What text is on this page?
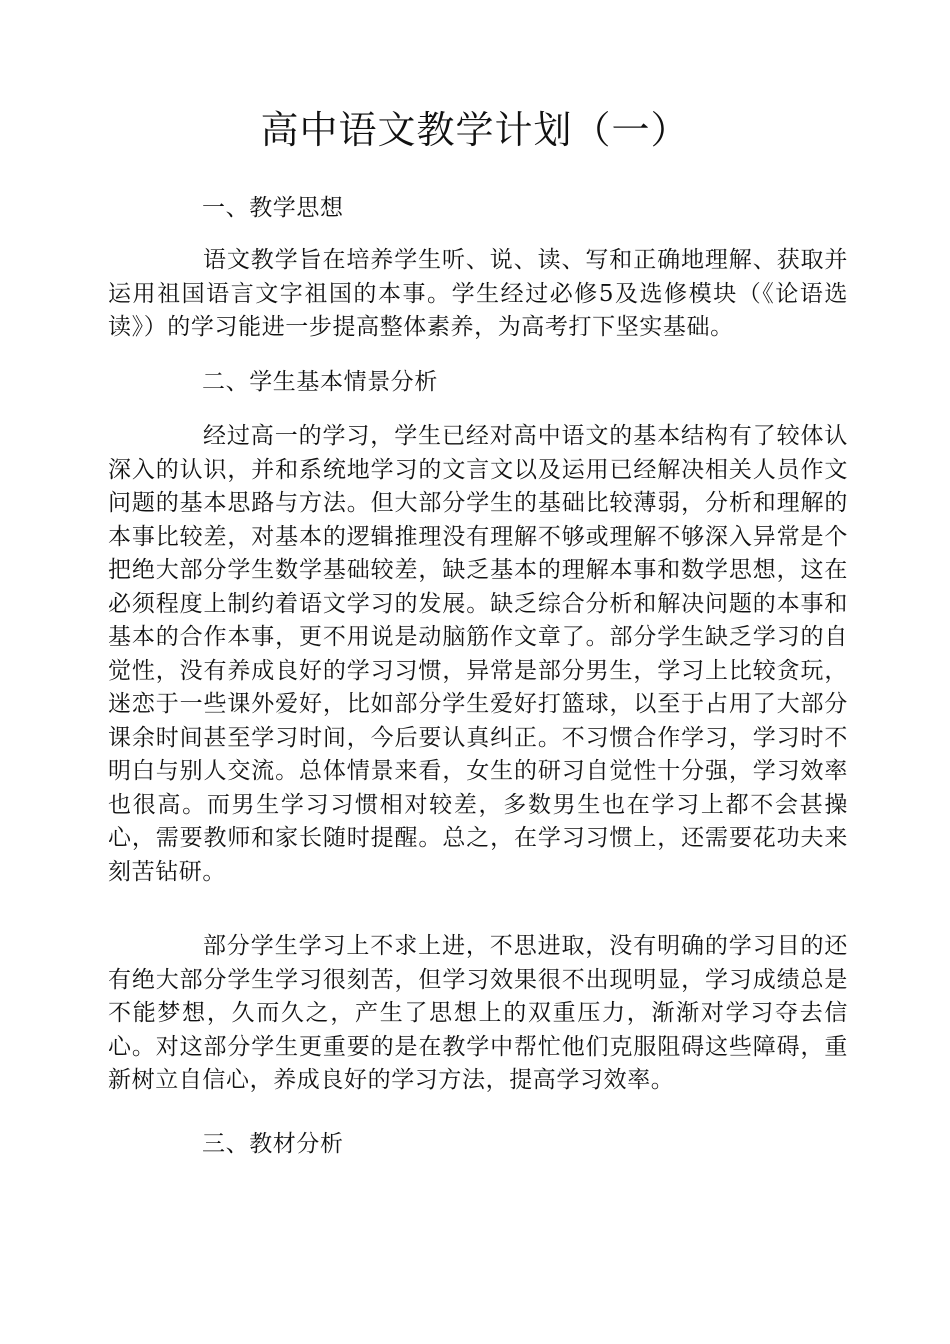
高中语文教学计划（一）

一、教学思想

语文教学旨在培养学生听、说、读、写和正确地理解、获取并运用祖国语言文字祖国的本事。学生经过必修5及选修模块（《论语选读》）的学习能进一步提高整体素养，为高考打下坚实基础。

二、学生基本情景分析

经过高一的学习，学生已经对高中语文的基本结构有了较体认深入的认识，并和系统地学习的文言文以及运用已经解决相关人员作文问题的基本思路与方法。但大部分学生的基础比较薄弱，分析和理解的本事比较差，对基本的逻辑推理没有理解不够或理解不够深入异常是个把绝大部分学生数学基础较差，缺乏基本的理解本事和数学思想，这在必须程度上制约着语文学习的发展。缺乏综合分析和解决问题的本事和基本的合作本事，更不用说是动脑筋作文章了。部分学生缺乏学习的自觉性，没有养成良好的学习习惯，异常是部分男生，学习上比较贪玩，迷恋于一些课外爱好，比如部分学生爱好打篮球，以至于占用了大部分课余时间甚至学习时间，今后要认真纠正。不习惯合作学习，学习时不明白与别人交流。总体情景来看，女生的研习自觉性十分强，学习效率也很高。而男生学习习惯相对较差，多数男生也在学习上都不会甚操心，需要教师和家长随时提醒。总之，在学习习惯上，还需要花功夫来刻苦钻研。

部分学生学习上不求上进，不思进取，没有明确的学习目的还有绝大部分学生学习很刻苦，但学习效果很不出现明显，学习成绩总是不能梦想，久而久之，产生了思想上的双重压力，渐渐对学习夺去信心。对这部分学生更重要的是在教学中帮忙他们克服阻碍这些障碍，重新树立自信心，养成良好的学习方法，提高学习效率。

三、教材分析
